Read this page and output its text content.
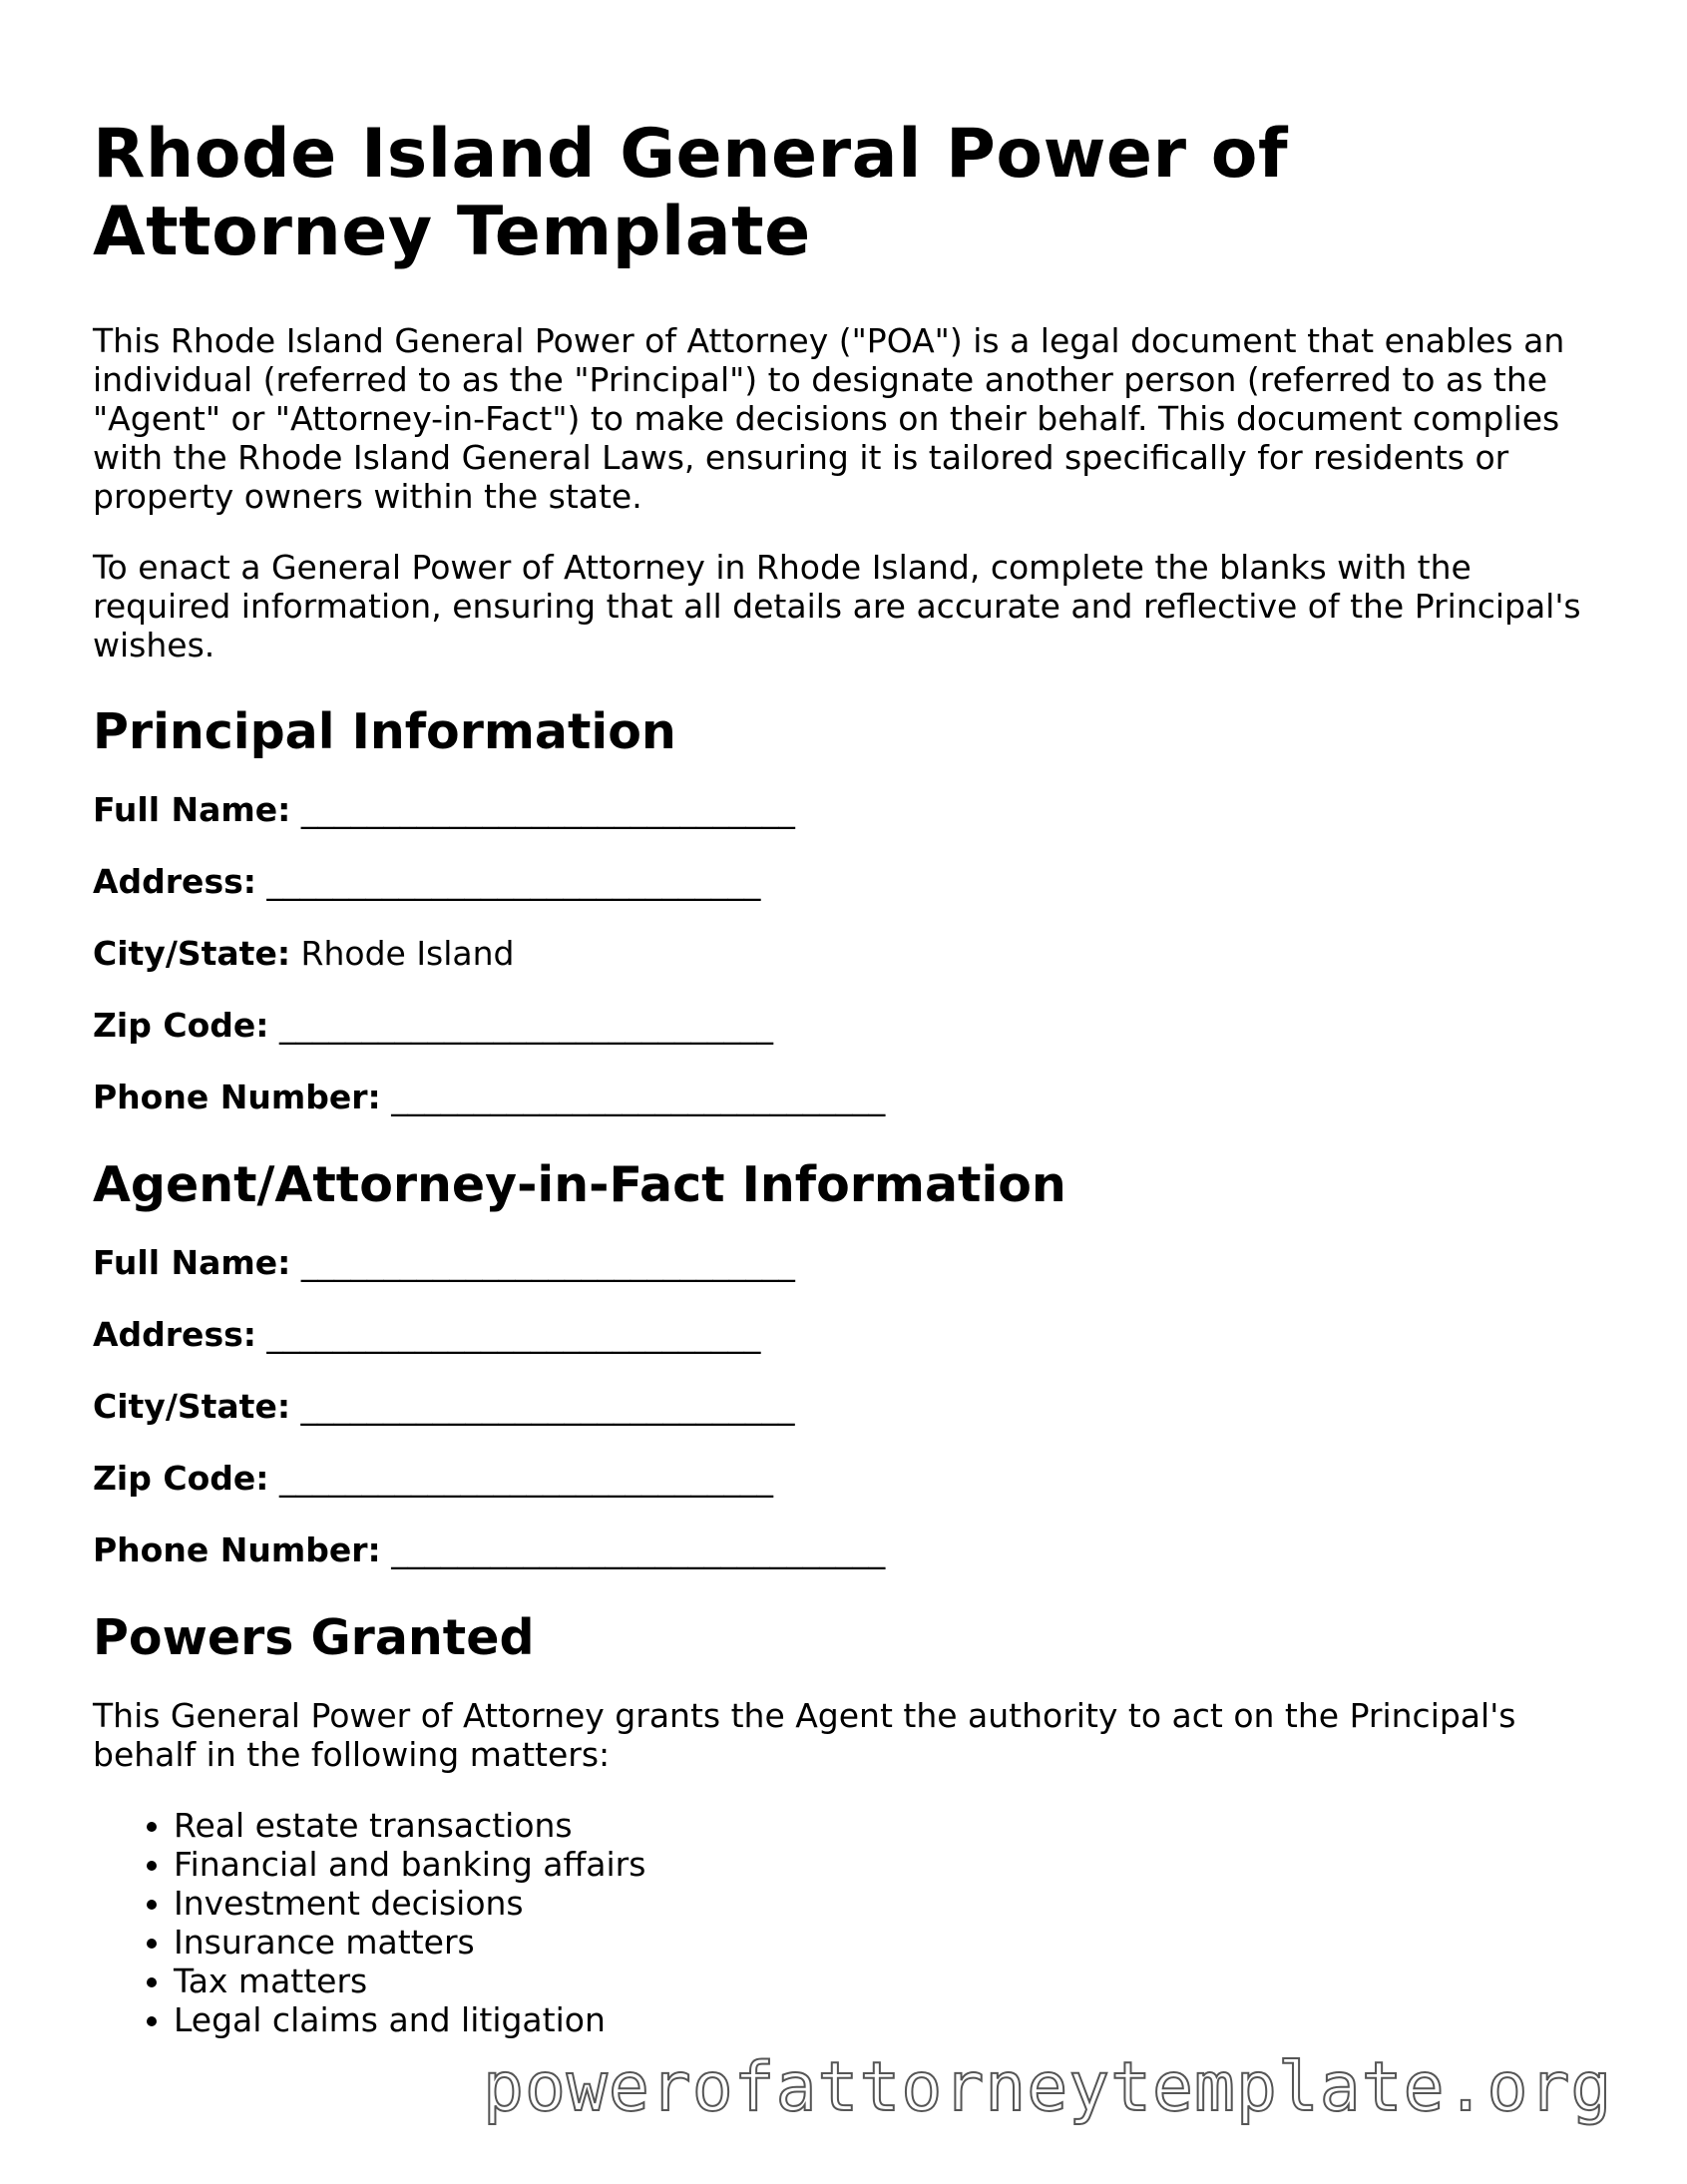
Rhode Island General Power of Attorney Template

This Rhode Island General Power of Attorney ("POA") is a legal document that enables an individual (referred to as the "Principal") to designate another person (referred to as the "Agent" or "Attorney-in-Fact") to make decisions on their behalf. This document complies with the Rhode Island General Laws, ensuring it is tailored specifically for residents or property owners within the state.

To enact a General Power of Attorney in Rhode Island, complete the blanks with the required information, ensuring that all details are accurate and reflective of the Principal's wishes.

Principal Information
Full Name: ______________________________
Address: ______________________________
City/State: Rhode Island
Zip Code: ______________________________
Phone Number: ______________________________
Agent/Attorney-in-Fact Information
Full Name: ______________________________
Address: ______________________________
City/State: ______________________________
Zip Code: ______________________________
Phone Number: ______________________________
Powers Granted

This General Power of Attorney grants the Agent the authority to act on the Principal's behalf in the following matters:

• Real estate transactions
• Financial and banking affairs
• Investment decisions
• Insurance matters
• Tax matters
• Legal claims and litigation
powerofattorneytemplate.org
